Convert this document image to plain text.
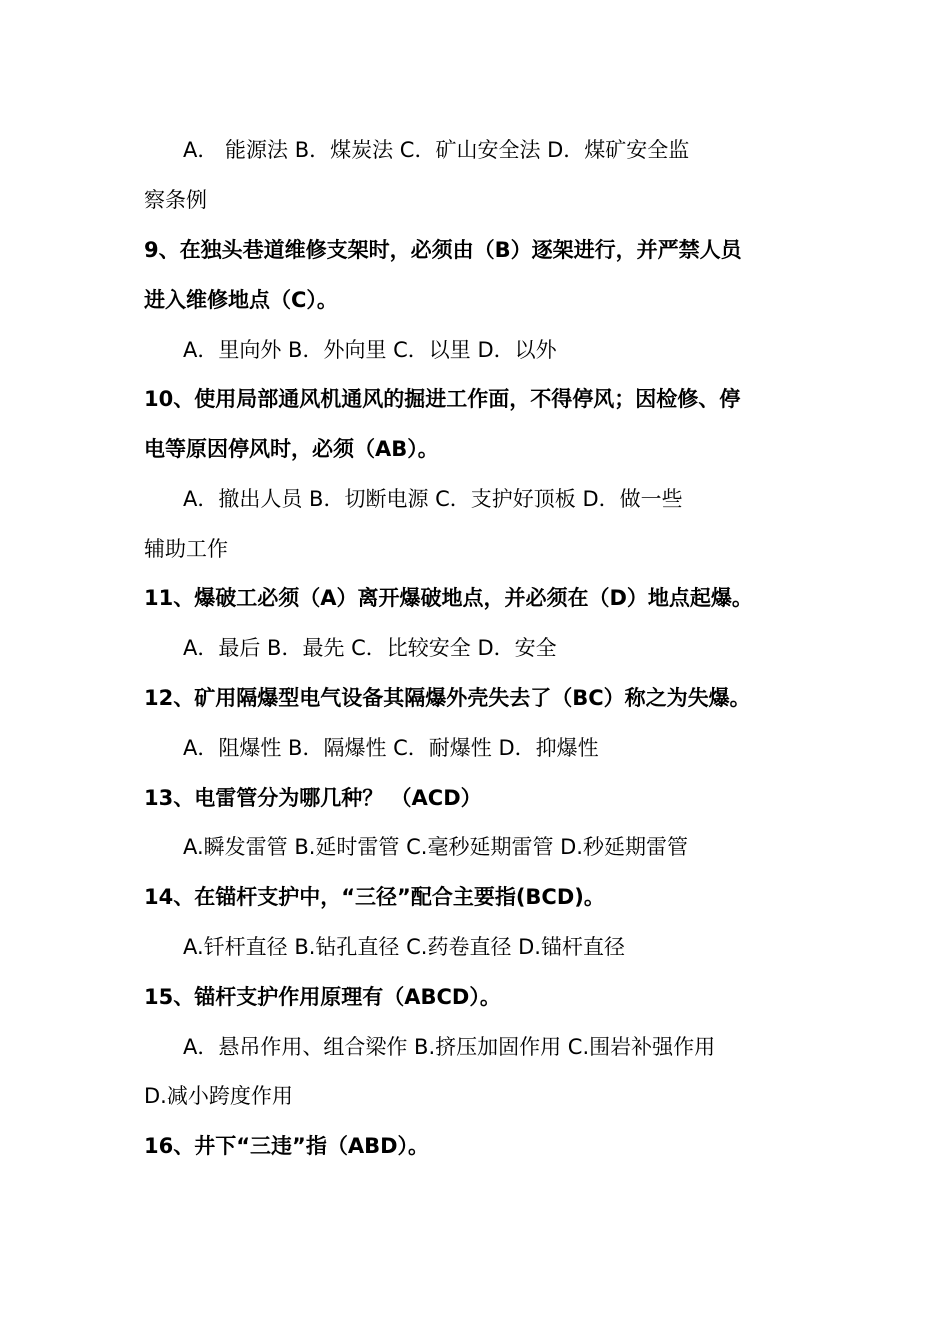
A． 能源法 B．煤炭法 C．矿山安全法 D．煤矿安全监
察条例
9、在独头巷道维修支架时，必须由（B）逐架进行，并严禁人员
进入维修地点（C）。
A．里向外 B．外向里 C．以里 D．以外
10、使用局部通风机通风的掘进工作面，不得停风；因检修、停
电等原因停风时，必须（AB）。
A．撤出人员 B．切断电源 C．支护好顶板 D．做一些
辅助工作
11、爆破工必须（A）离开爆破地点，并必须在（D）地点起爆。
A．最后 B．最先 C．比较安全 D．安全
12、矿用隔爆型电气设备其隔爆外壳失去了（BC）称之为失爆。
A．阻爆性 B．隔爆性 C．耐爆性 D．抑爆性
13、电雷管分为哪几种？ （ACD）
A.瞬发雷管 B.延时雷管 C.毫秒延期雷管 D.秒延期雷管
14、在锚杆支护中，“三径”配合主要指(BCD)。
A.钎杆直径 B.钻孔直径 C.药卷直径 D.锚杆直径
15、锚杆支护作用原理有（ABCD）。
A．悬吊作用、组合梁作 B.挤压加固作用 C.围岩补强作用
D.减小跨度作用
16、井下“三违”指（ABD）。
